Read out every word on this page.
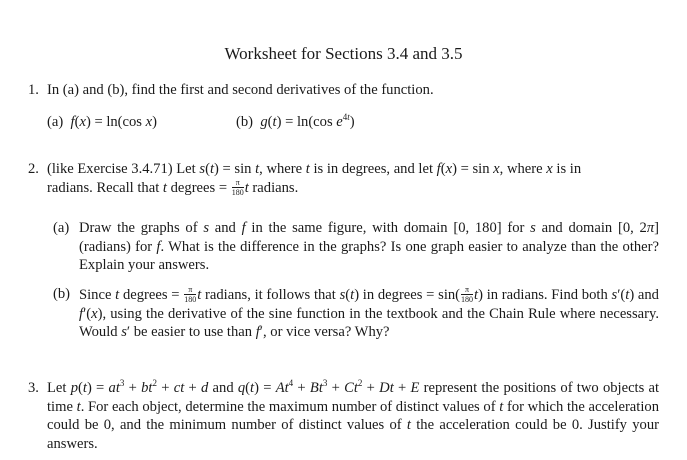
Worksheet for Sections 3.4 and 3.5
1. In (a) and (b), find the first and second derivatives of the function.
(a) f(x) = ln(cos x)	(b) g(t) = ln(cos $e^{4t}$)
2. (like Exercise 3.4.71) Let s(t) = sin t, where t is in degrees, and let f(x) = sin x, where x is in
radians. Recall that t degrees = $\frac{\pi}{180}$ t radians.
(a) Draw the graphs of s and f in the same figure, with domain [0, 180] for s and domain [0, 2π] (radians) for f. What is the difference in the graphs? Is one graph easier to analyze than the other? Explain your answers.
(b) Since t degrees = $\frac{\pi}{180}$ t radians, it follows that s(t) in degrees = $\sin( \frac{\pi}{180} t)$ in radians. Find both s′(t) and f′(x), using the derivative of the sine function in the textbook and the Chain Rule where necessary. Would s′ be easier to use than f′, or vice versa? Why?
3. Let $p(t) = at^3 + bt^2$ + ct + d and $q(t) = At^4 + Bt^3 + Ct^2 + Dt + E$ represent the positions of two objects at time t. For each object, determine the maximum number of distinct values of t for which the acceleration could be 0, and the minimum number of distinct values of t the acceleration could be 0. Justify your answers.
